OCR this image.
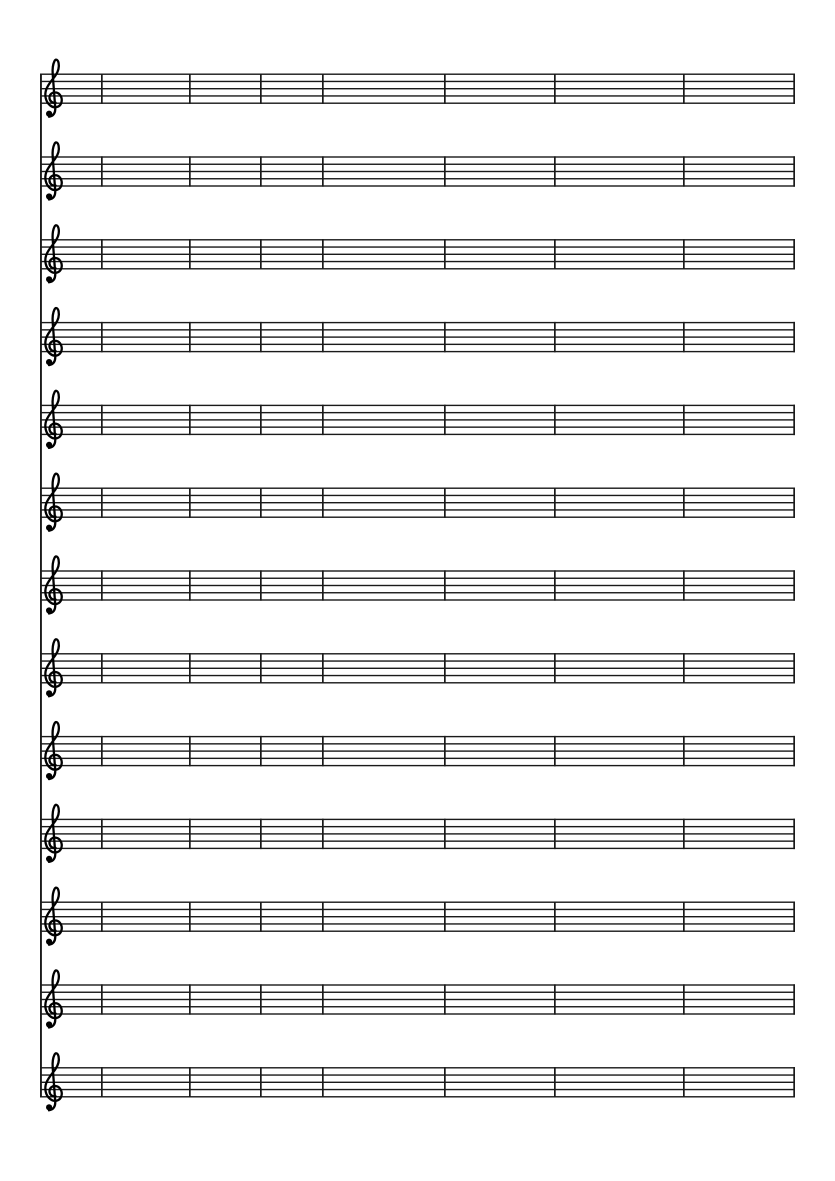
35
72
i a ku A pa a da nya	Tu han ki rim kan lah a ku Ke ka sih yang ba ik ha ti
